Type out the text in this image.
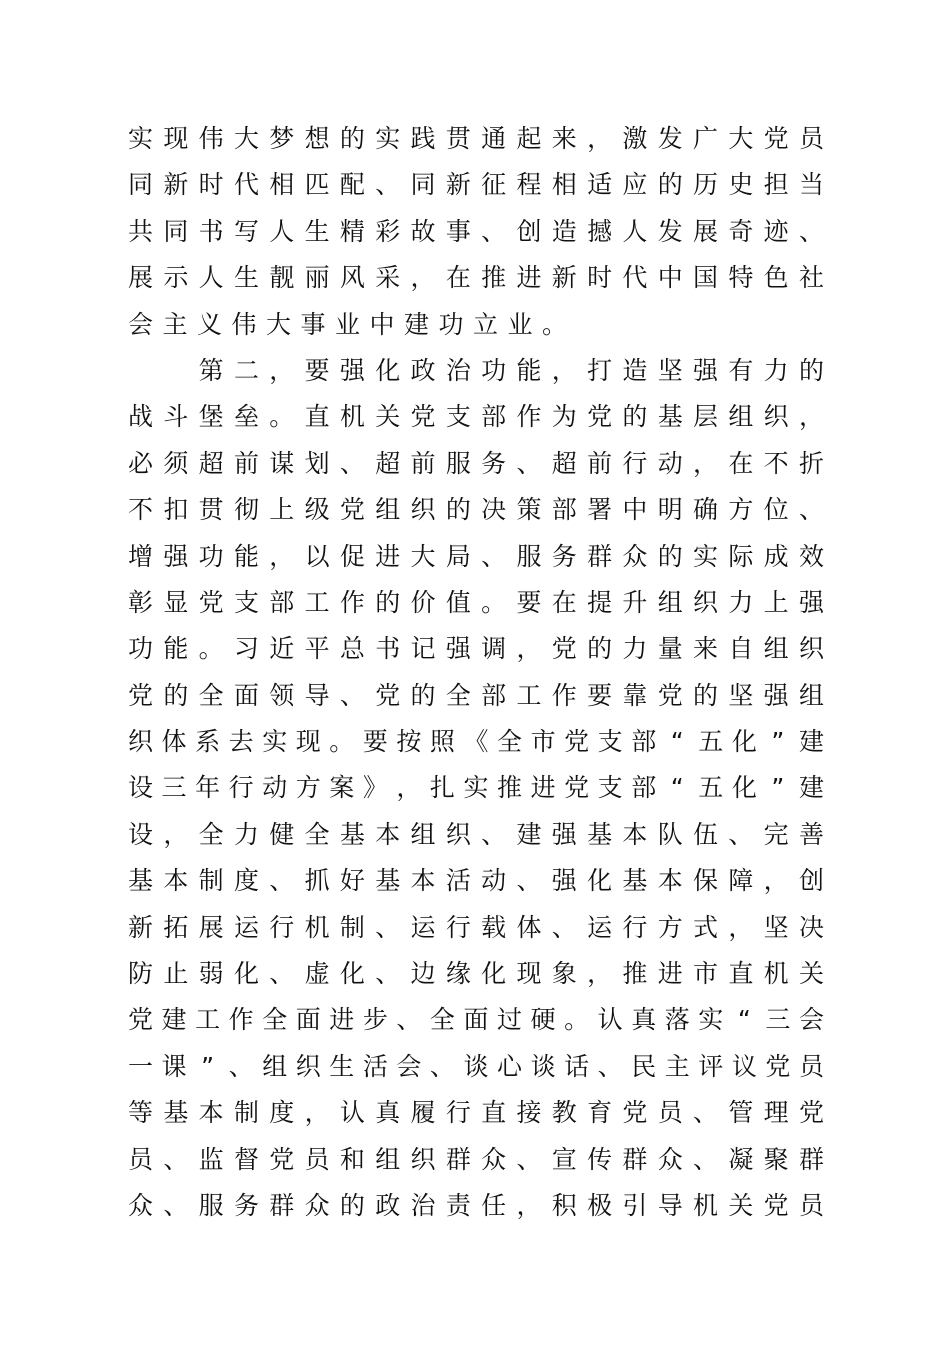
实 现 伟 大 梦 想 的 实 践 贯 通 起 来 ， 激 发 广 大 党 员
同 新 时 代 相 匹 配 、 同 新 征 程 相 适 应 的 历 史 担 当
共 同 书 写 人 生 精 彩 故 事 、 创 造 撼 人 发 展 奇 迹 、
展 示 人 生 靓 丽 风 采 ， 在 推 进 新 时 代 中 国 特 色 社
会 主 义 伟 大 事 业 中 建 功 立 业 。

第 二 ， 要 强 化 政 治 功 能 ， 打 造 坚 强 有 力 的
战 斗 堡 垒 。 直 机 关 党 支 部 作 为 党 的 基 层 组 织 ，
必 须 超 前 谋 划 、 超 前 服 务 、 超 前 行 动 ， 在 不 折
不 扣 贯 彻 上 级 党 组 织 的 决 策 部 署 中 明 确 方 位 、
增 强 功 能 ， 以 促 进 大 局 、 服 务 群 众 的 实 际 成 效
彰 显 党 支 部 工 作 的 价 值 。 要 在 提 升 组 织 力 上 强
功 能 。 习 近 平 总 书 记 强 调 ， 党 的 力 量 来 自 组 织
党 的 全 面 领 导 、 党 的 全 部 工 作 要 靠 党 的 坚 强 组
织 体 系 去 实 现 。 要 按 照 《 全 市 党 支 部 “ 五 化 ” 建
设 三 年 行 动 方 案 》 ， 扎 实 推 进 党 支 部 “ 五 化 ” 建
设 ， 全 力 健 全 基 本 组 织 、 建 强 基 本 队 伍 、 完 善
基 本 制 度 、 抓 好 基 本 活 动 、 强 化 基 本 保 障 ， 创
新 拓 展 运 行 机 制 、 运 行 载 体 、 运 行 方 式 ， 坚 决
防 止 弱 化 、 虚 化 、 边 缘 化 现 象 ， 推 进 市 直 机 关
党 建 工 作 全 面 进 步 、 全 面 过 硬 。 认 真 落 实 “ 三 会
一 课 ” 、 组 织 生 活 会 、 谈 心 谈 话 、 民 主 评 议 党 员
等 基 本 制 度 ， 认 真 履 行 直 接 教 育 党 员 、 管 理 党
员 、 监 督 党 员 和 组 织 群 众 、 宣 传 群 众 、 凝 聚 群
众 、 服 务 群 众 的 政 治 责 任 ， 积 极 引 导 机 关 党 员
